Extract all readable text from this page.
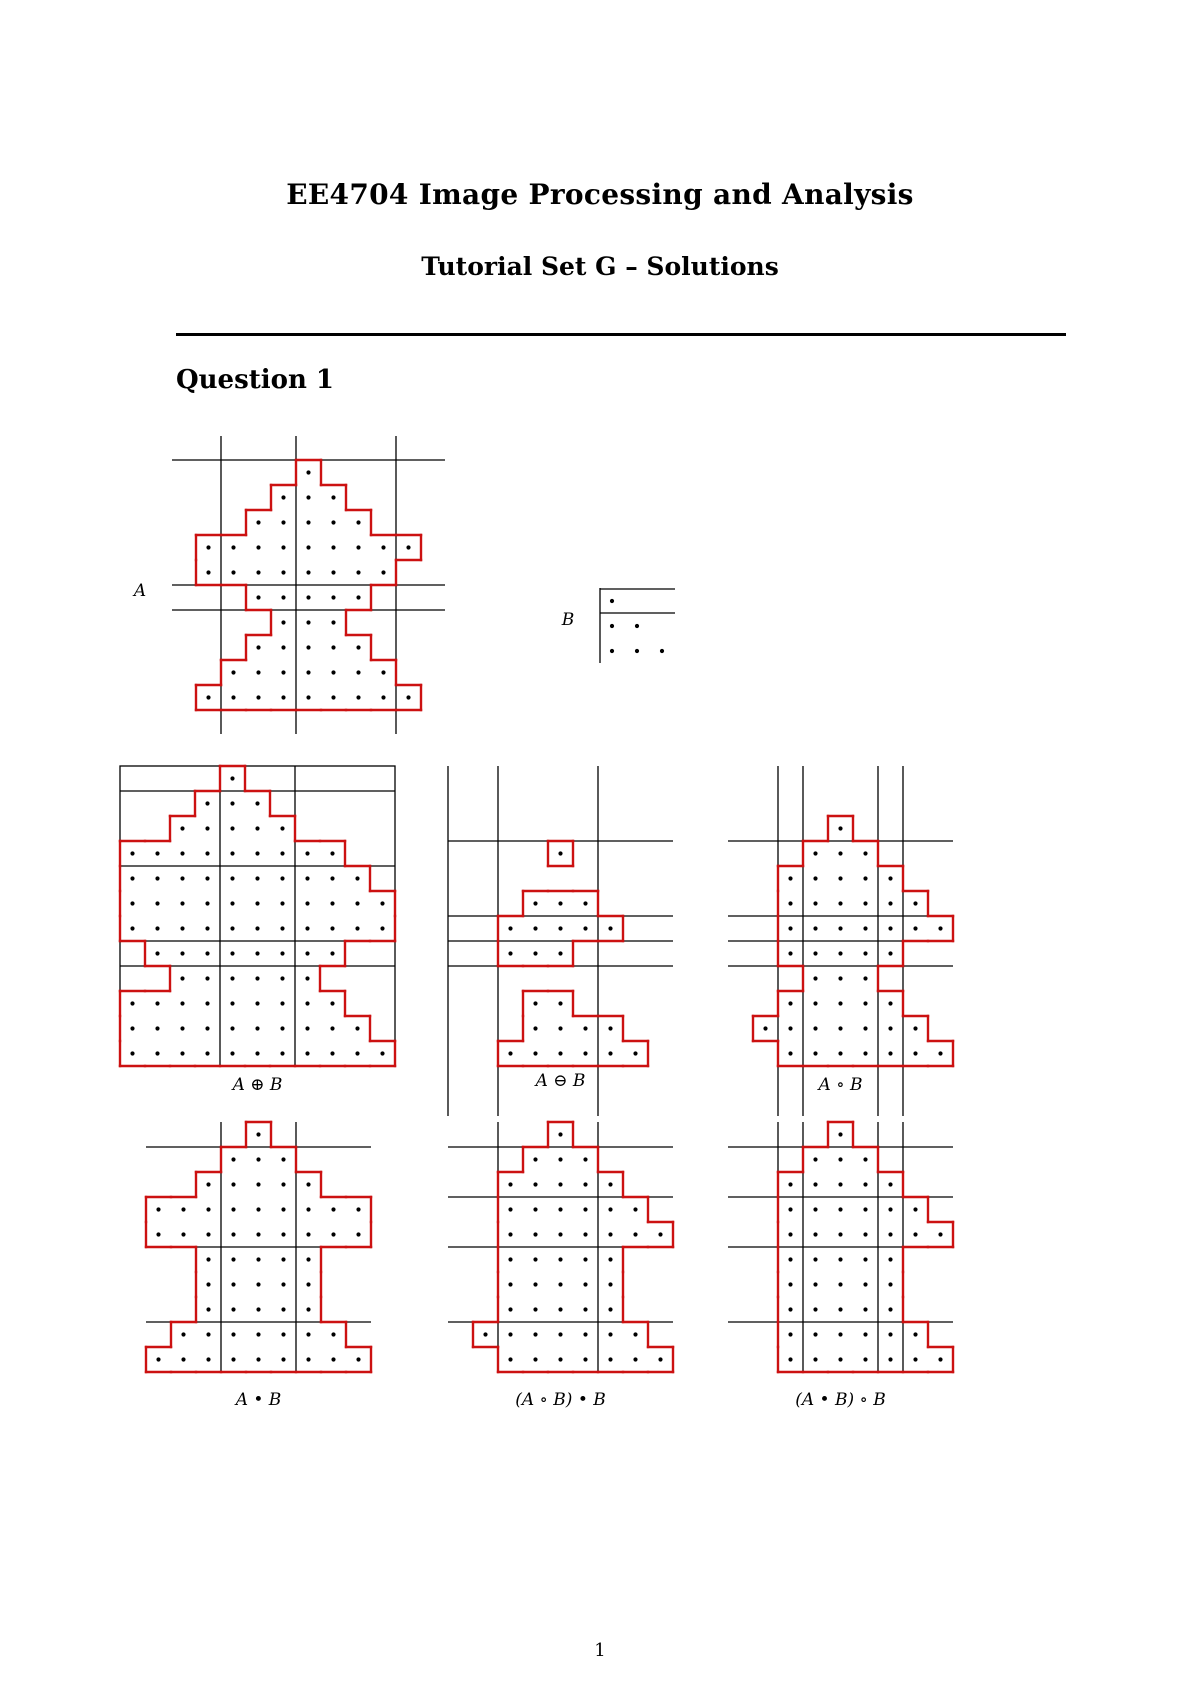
EE4704 Image Processing and Analysis
Tutorial Set G – Solutions
Question 1
A
B
A ⊕ B	A ⊖ B	A ∘ B
A • B	(A ∘ B) • B	(A • B) ∘ B
1
